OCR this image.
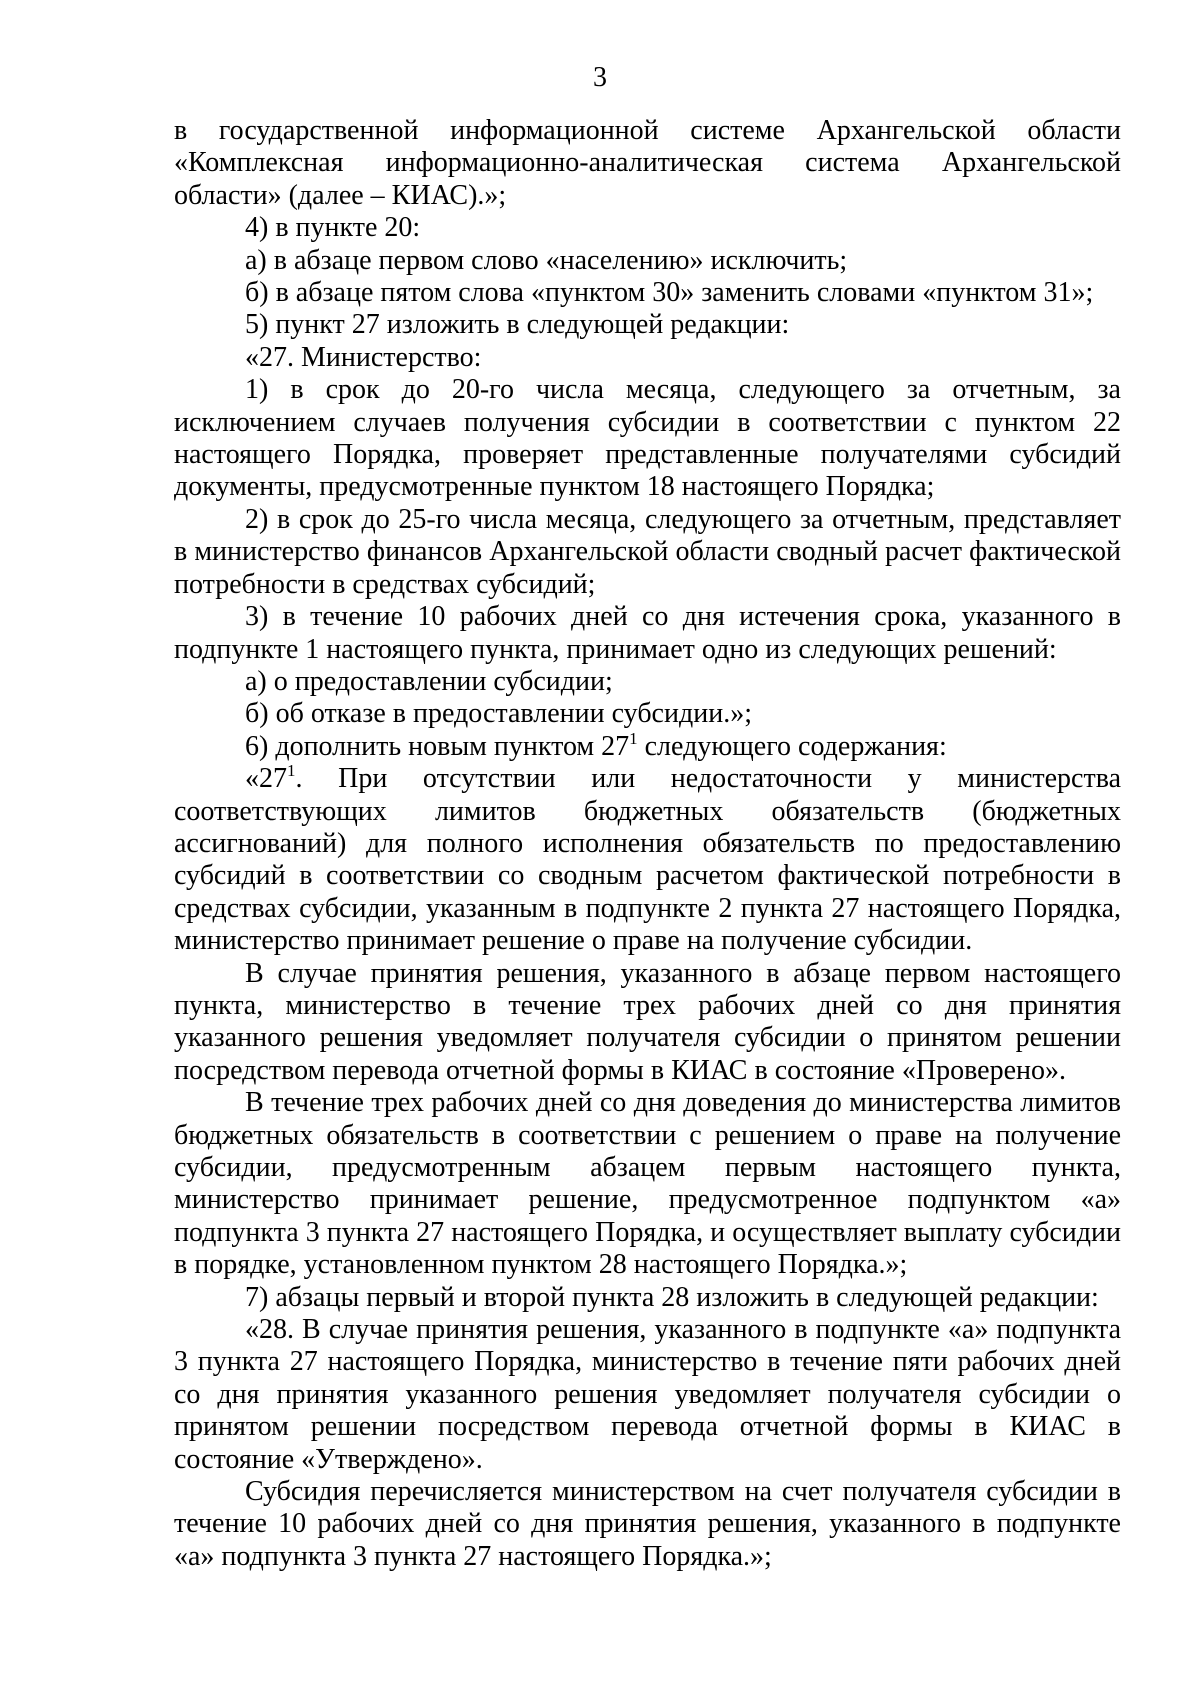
3

в государственной информационной системе Архангельской области «Комплексная информационно-аналитическая система Архангельской области» (далее – КИАС).»;

4) в пункте 20:

а) в абзаце первом слово «населению» исключить;

б) в абзаце пятом слова «пунктом 30» заменить словами «пунктом 31»;

5) пункт 27 изложить в следующей редакции:

«27. Министерство:

1) в срок до 20-го числа месяца, следующего за отчетным, за исключением случаев получения субсидии в соответствии с пунктом 22 настоящего Порядка, проверяет представленные получателями субсидий документы, предусмотренные пунктом 18 настоящего Порядка;

2) в срок до 25-го числа месяца, следующего за отчетным, представляет в министерство финансов Архангельской области сводный расчет фактической потребности в средствах субсидий;

3) в течение 10 рабочих дней со дня истечения срока, указанного в подпункте 1 настоящего пункта, принимает одно из следующих решений:

а) о предоставлении субсидии;

б) об отказе в предоставлении субсидии.»;

6) дополнить новым пунктом $27^1$ следующего содержания:

«$27^1$. При отсутствии или недостаточности у министерства соответствующих лимитов бюджетных обязательств (бюджетных ассигнований) для полного исполнения обязательств по предоставлению субсидий в соответствии со сводным расчетом фактической потребности в средствах субсидии, указанным в подпункте 2 пункта 27 настоящего Порядка, министерство принимает решение о праве на получение субсидии.

В случае принятия решения, указанного в абзаце первом настоящего пункта, министерство в течение трех рабочих дней со дня принятия указанного решения уведомляет получателя субсидии о принятом решении посредством перевода отчетной формы в КИАС в состояние «Проверено».

В течение трех рабочих дней со дня доведения до министерства лимитов бюджетных обязательств в соответствии с решением о праве на получение субсидии, предусмотренным абзацем первым настоящего пункта, министерство принимает решение, предусмотренное подпунктом «а» подпункта 3 пункта 27 настоящего Порядка, и осуществляет выплату субсидии в порядке, установленном пунктом 28 настоящего Порядка.»;

7) абзацы первый и второй пункта 28 изложить в следующей редакции:

«28. В случае принятия решения, указанного в подпункте «а» подпункта 3 пункта 27 настоящего Порядка, министерство в течение пяти рабочих дней со дня принятия указанного решения уведомляет получателя субсидии о принятом решении посредством перевода отчетной формы в КИАС в состояние «Утверждено».

Субсидия перечисляется министерством на счет получателя субсидии в течение 10 рабочих дней со дня принятия решения, указанного в подпункте «а» подпункта 3 пункта 27 настоящего Порядка.»;
